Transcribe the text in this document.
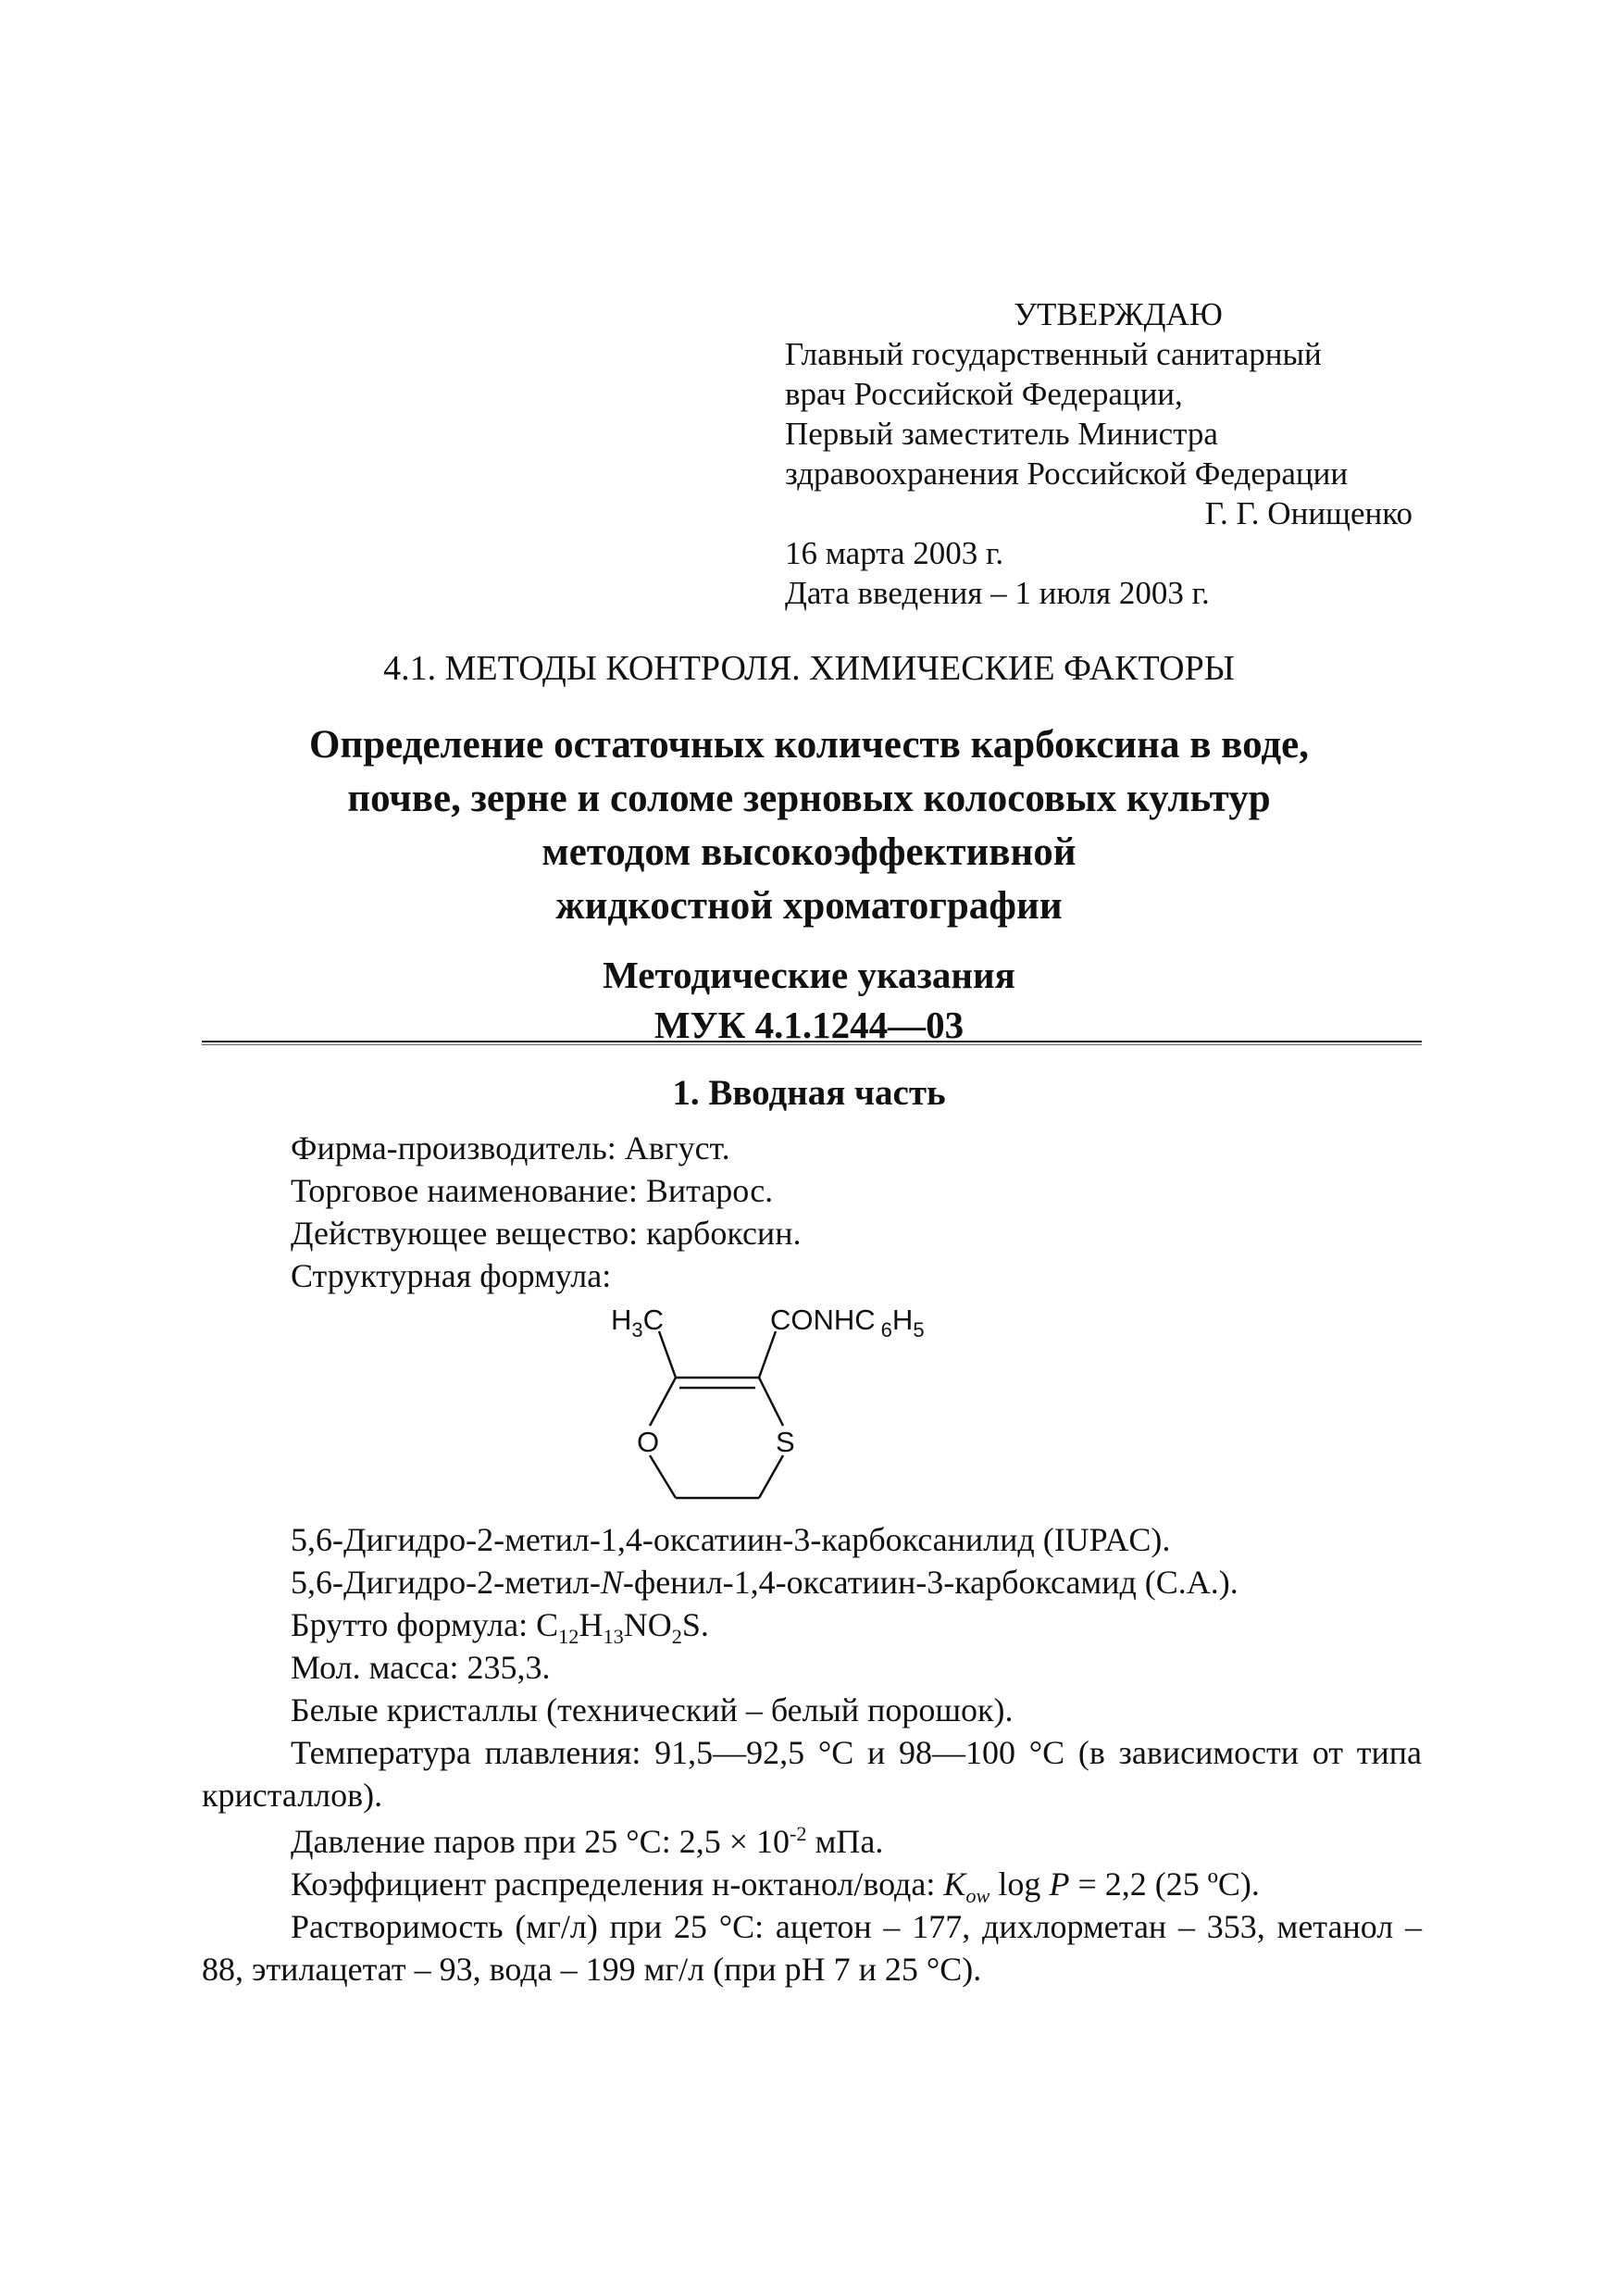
УТВЕРЖДАЮ
Главный государственный санитарный
врач Российской Федерации,
Первый заместитель Министра
здравоохранения Российской Федерации
Г. Г. Онищенко
16 марта 2003 г.
Дата введения – 1 июля 2003 г.
4.1. МЕТОДЫ КОНТРОЛЯ. ХИМИЧЕСКИЕ ФАКТОРЫ
Определение остаточных количеств карбоксина в воде,
почве, зерне и соломе зерновых колосовых культур
методом высокоэффективной
жидкостной хроматографии
Методические указания
МУК 4.1.1244—03
1. Вводная часть
Фирма-производитель: Август.
Торговое наименование: Витарос.
Действующее вещество: карбоксин.
Структурная формула:
$H_3C$	CONHC $_6H_5$
O	S

5,6-Дигидро-2-метил-1,4-оксатиин-3-карбоксанилид (IUPAC).

5,6-Дигидро-2-метил-N-фенил-1,4-оксатиин-3-карбоксамид (С.А.).

Брутто формула: $C_{12}H_{13}NO_2S$.

Мол. масса: 235,3.

Белые кристаллы (технический – белый порошок).

Температура плавления: 91,5—92,5 °С и 98—100 °С (в зависимости от типа кристаллов).

Давление паров при 25 °С: $2,5 \times 10^{-2}$ мПа.

Коэффициент распределения н-октанол/вода: $K_{ow}$ log P = 2,2 (25 ºС).

Растворимость (мг/л) при 25 °С: ацетон – 177, дихлорметан – 353, метанол – 88, этилацетат – 93, вода – 199 мг/л (при рН 7 и 25 °С).
